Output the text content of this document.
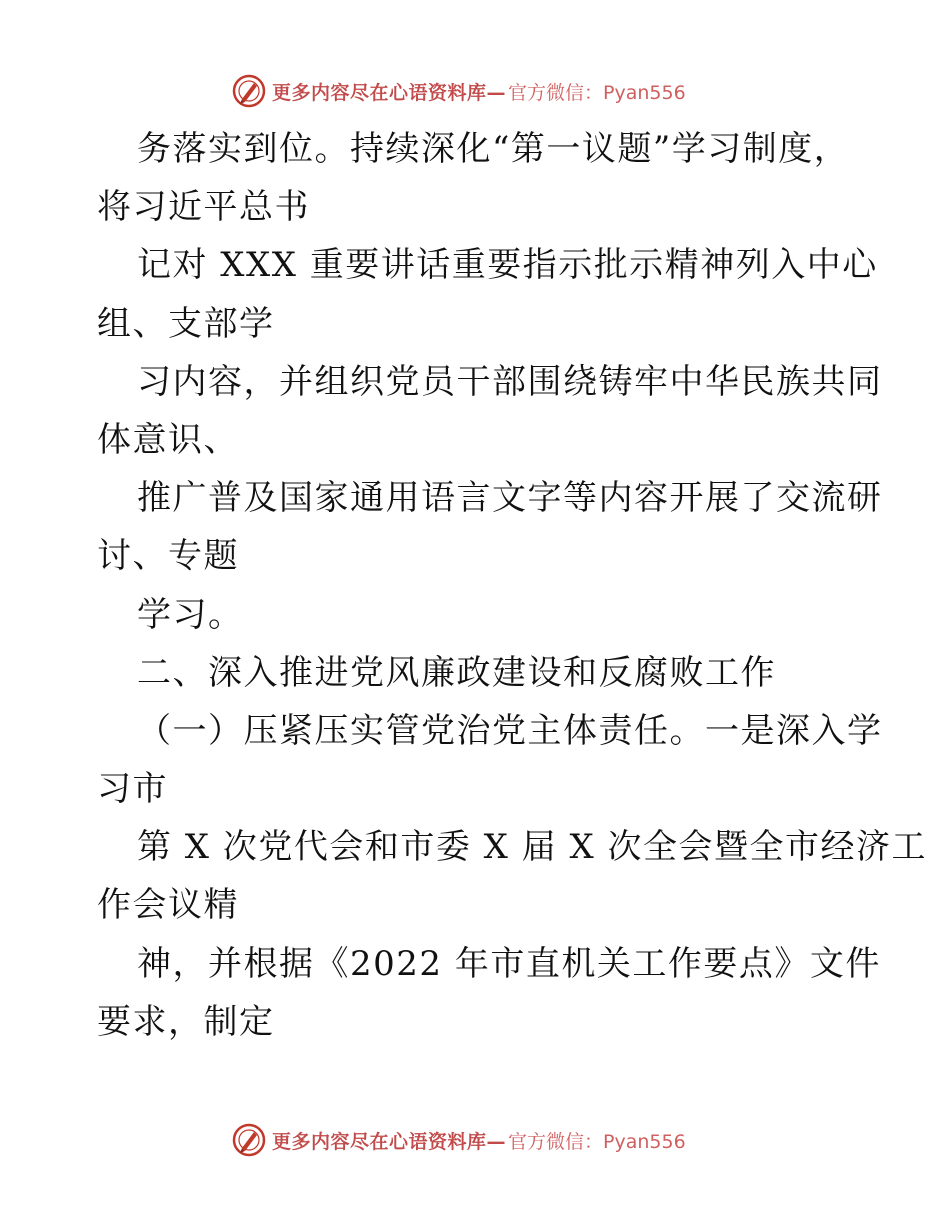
更多内容尽在心语资料库— 官方微信：Pyan556
务落实到位。持续深化“第一议题”学习制度，
将习近平总书
记对 XXX 重要讲话重要指示批示精神列入中心
组、支部学
习内容，并组织党员干部围绕铸牢中华民族共同
体意识、
推广普及国家通用语言文字等内容开展了交流研
讨、专题
学习。
二、深入推进党风廉政建设和反腐败工作
（一）压紧压实管党治党主体责任。一是深入学
习市
第 X 次党代会和市委 X 届 X 次全会暨全市经济工
作会议精
神，并根据《2022 年市直机关工作要点》文件
要求，制定
更多内容尽在心语资料库— 官方微信：Pyan556
